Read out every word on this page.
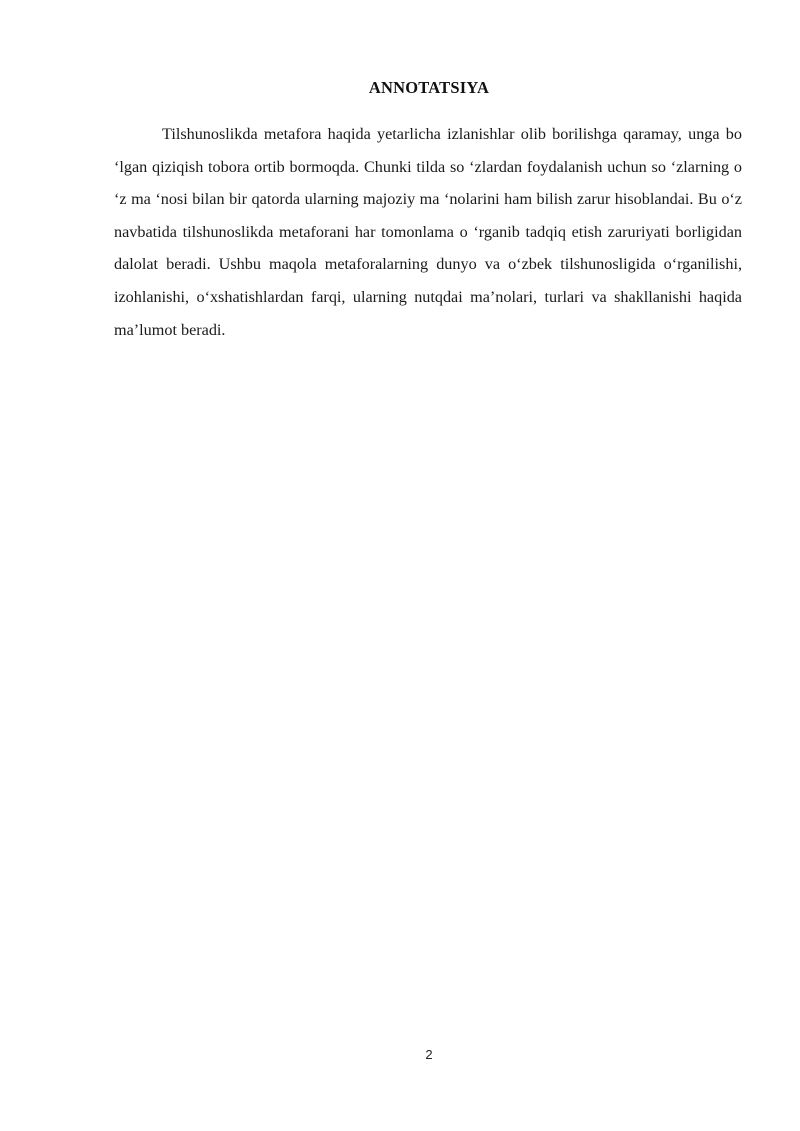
ANNOTATSIYA

Tilshunoslikda metafora haqida yetarlicha izlanishlar olib borilishga qaramay, unga bo ‘lgan qiziqish tobora ortib bormoqda. Chunki tilda so ‘zlardan foydalanish uchun so ‘zlarning o ‘z ma ‘nosi bilan bir qatorda ularning majoziy ma ‘nolarini ham bilish zarur hisoblandai. Bu o‘z navbatida tilshunoslikda metaforani har tomonlama o ‘rganib tadqiq etish zaruriyati borligidan dalolat beradi. Ushbu maqola metaforalarning dunyo va o‘zbek tilshunosligida o‘rganilishi, izohlanishi, o‘xshatishlardan farqi, ularning nutqdai ma’nolari, turlari va shakllanishi haqida ma’lumot beradi.

2
